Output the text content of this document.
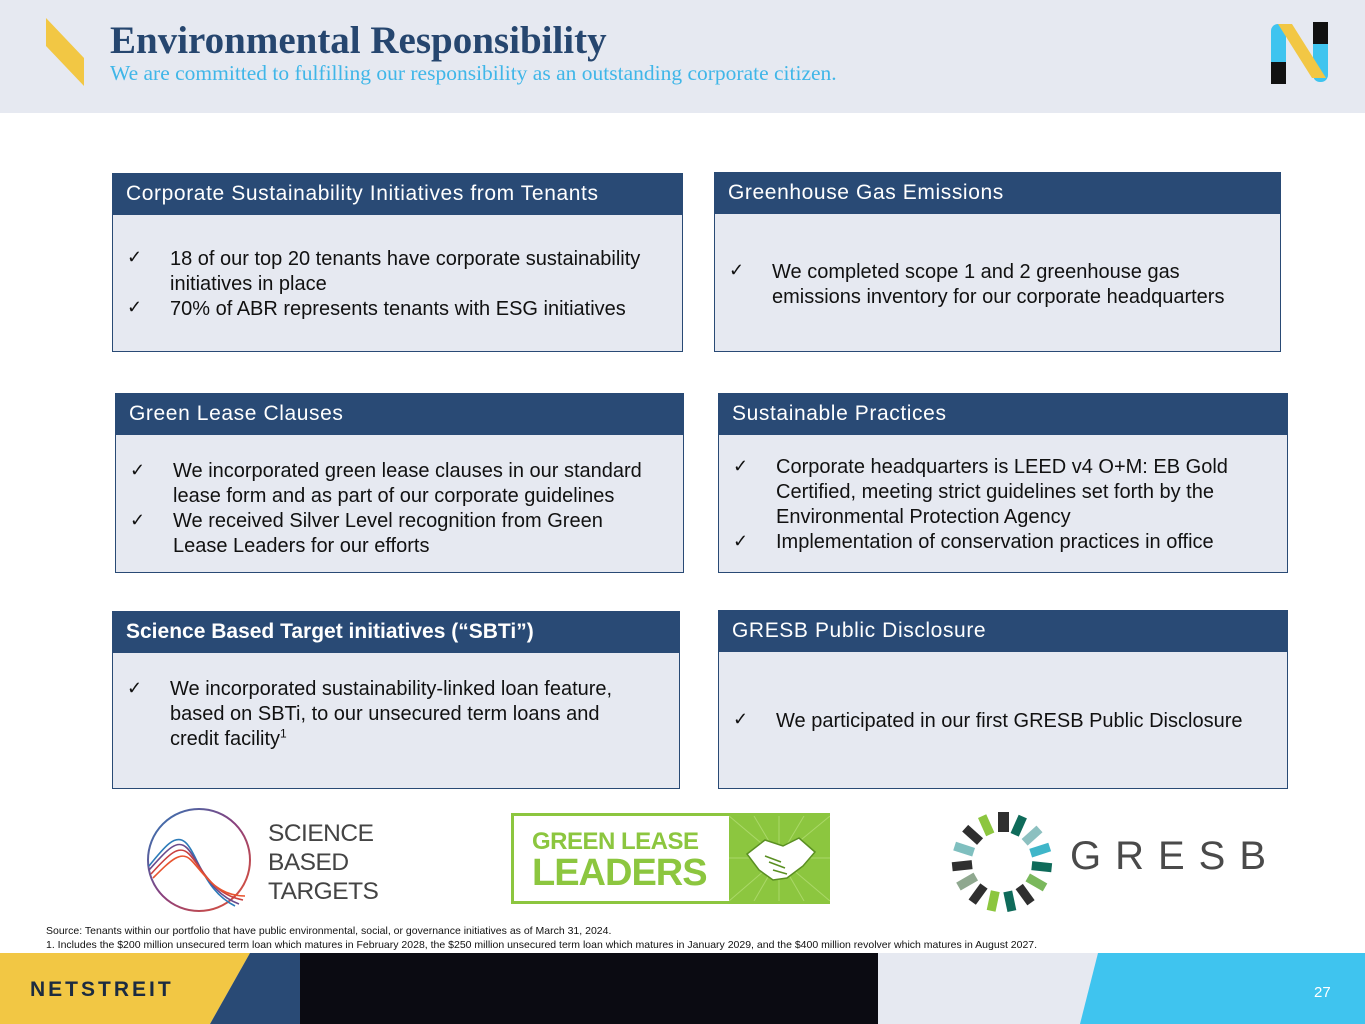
Environmental Responsibility
We are committed to fulfilling our responsibility as an outstanding corporate citizen.
Corporate Sustainability Initiatives from Tenants
✓ 18 of our top 20 tenants have corporate sustainability
initiatives in place
✓ 70% of ABR represents tenants with ESG initiatives
Greenhouse Gas Emissions
✓ We completed scope 1 and 2 greenhouse gas
emissions inventory for our corporate headquarters
Green Lease Clauses
✓ We incorporated green lease clauses in our standard
lease form and as part of our corporate guidelines
✓ We received Silver Level recognition from Green
Lease Leaders for our efforts
Sustainable Practices
✓ Corporate headquarters is LEED v4 O+M: EB Gold
Certified, meeting strict guidelines set forth by the
Environmental Protection Agency
✓ Implementation of conservation practices in office
Science Based Target initiatives (“SBTi”)
✓ We incorporated sustainability-linked loan feature,
based on SBTi, to our unsecured term loans and
credit facility$^1$
GRESB Public Disclosure
✓ We participated in our first GRESB Public Disclosure
SCIENCE
BASED
TARGETS
GREEN LEASE
LEADERS	GRESB
Source: Tenants within our portfolio that have public environmental, social, or governance initiatives as of March 31, 2024.
1. Includes the $200 million unsecured term loan which matures in February 2028, the $250 million unsecured term loan which matures in January 2029, and the $400 million revolver which matures in August 2027.
NETSTREIT	27
